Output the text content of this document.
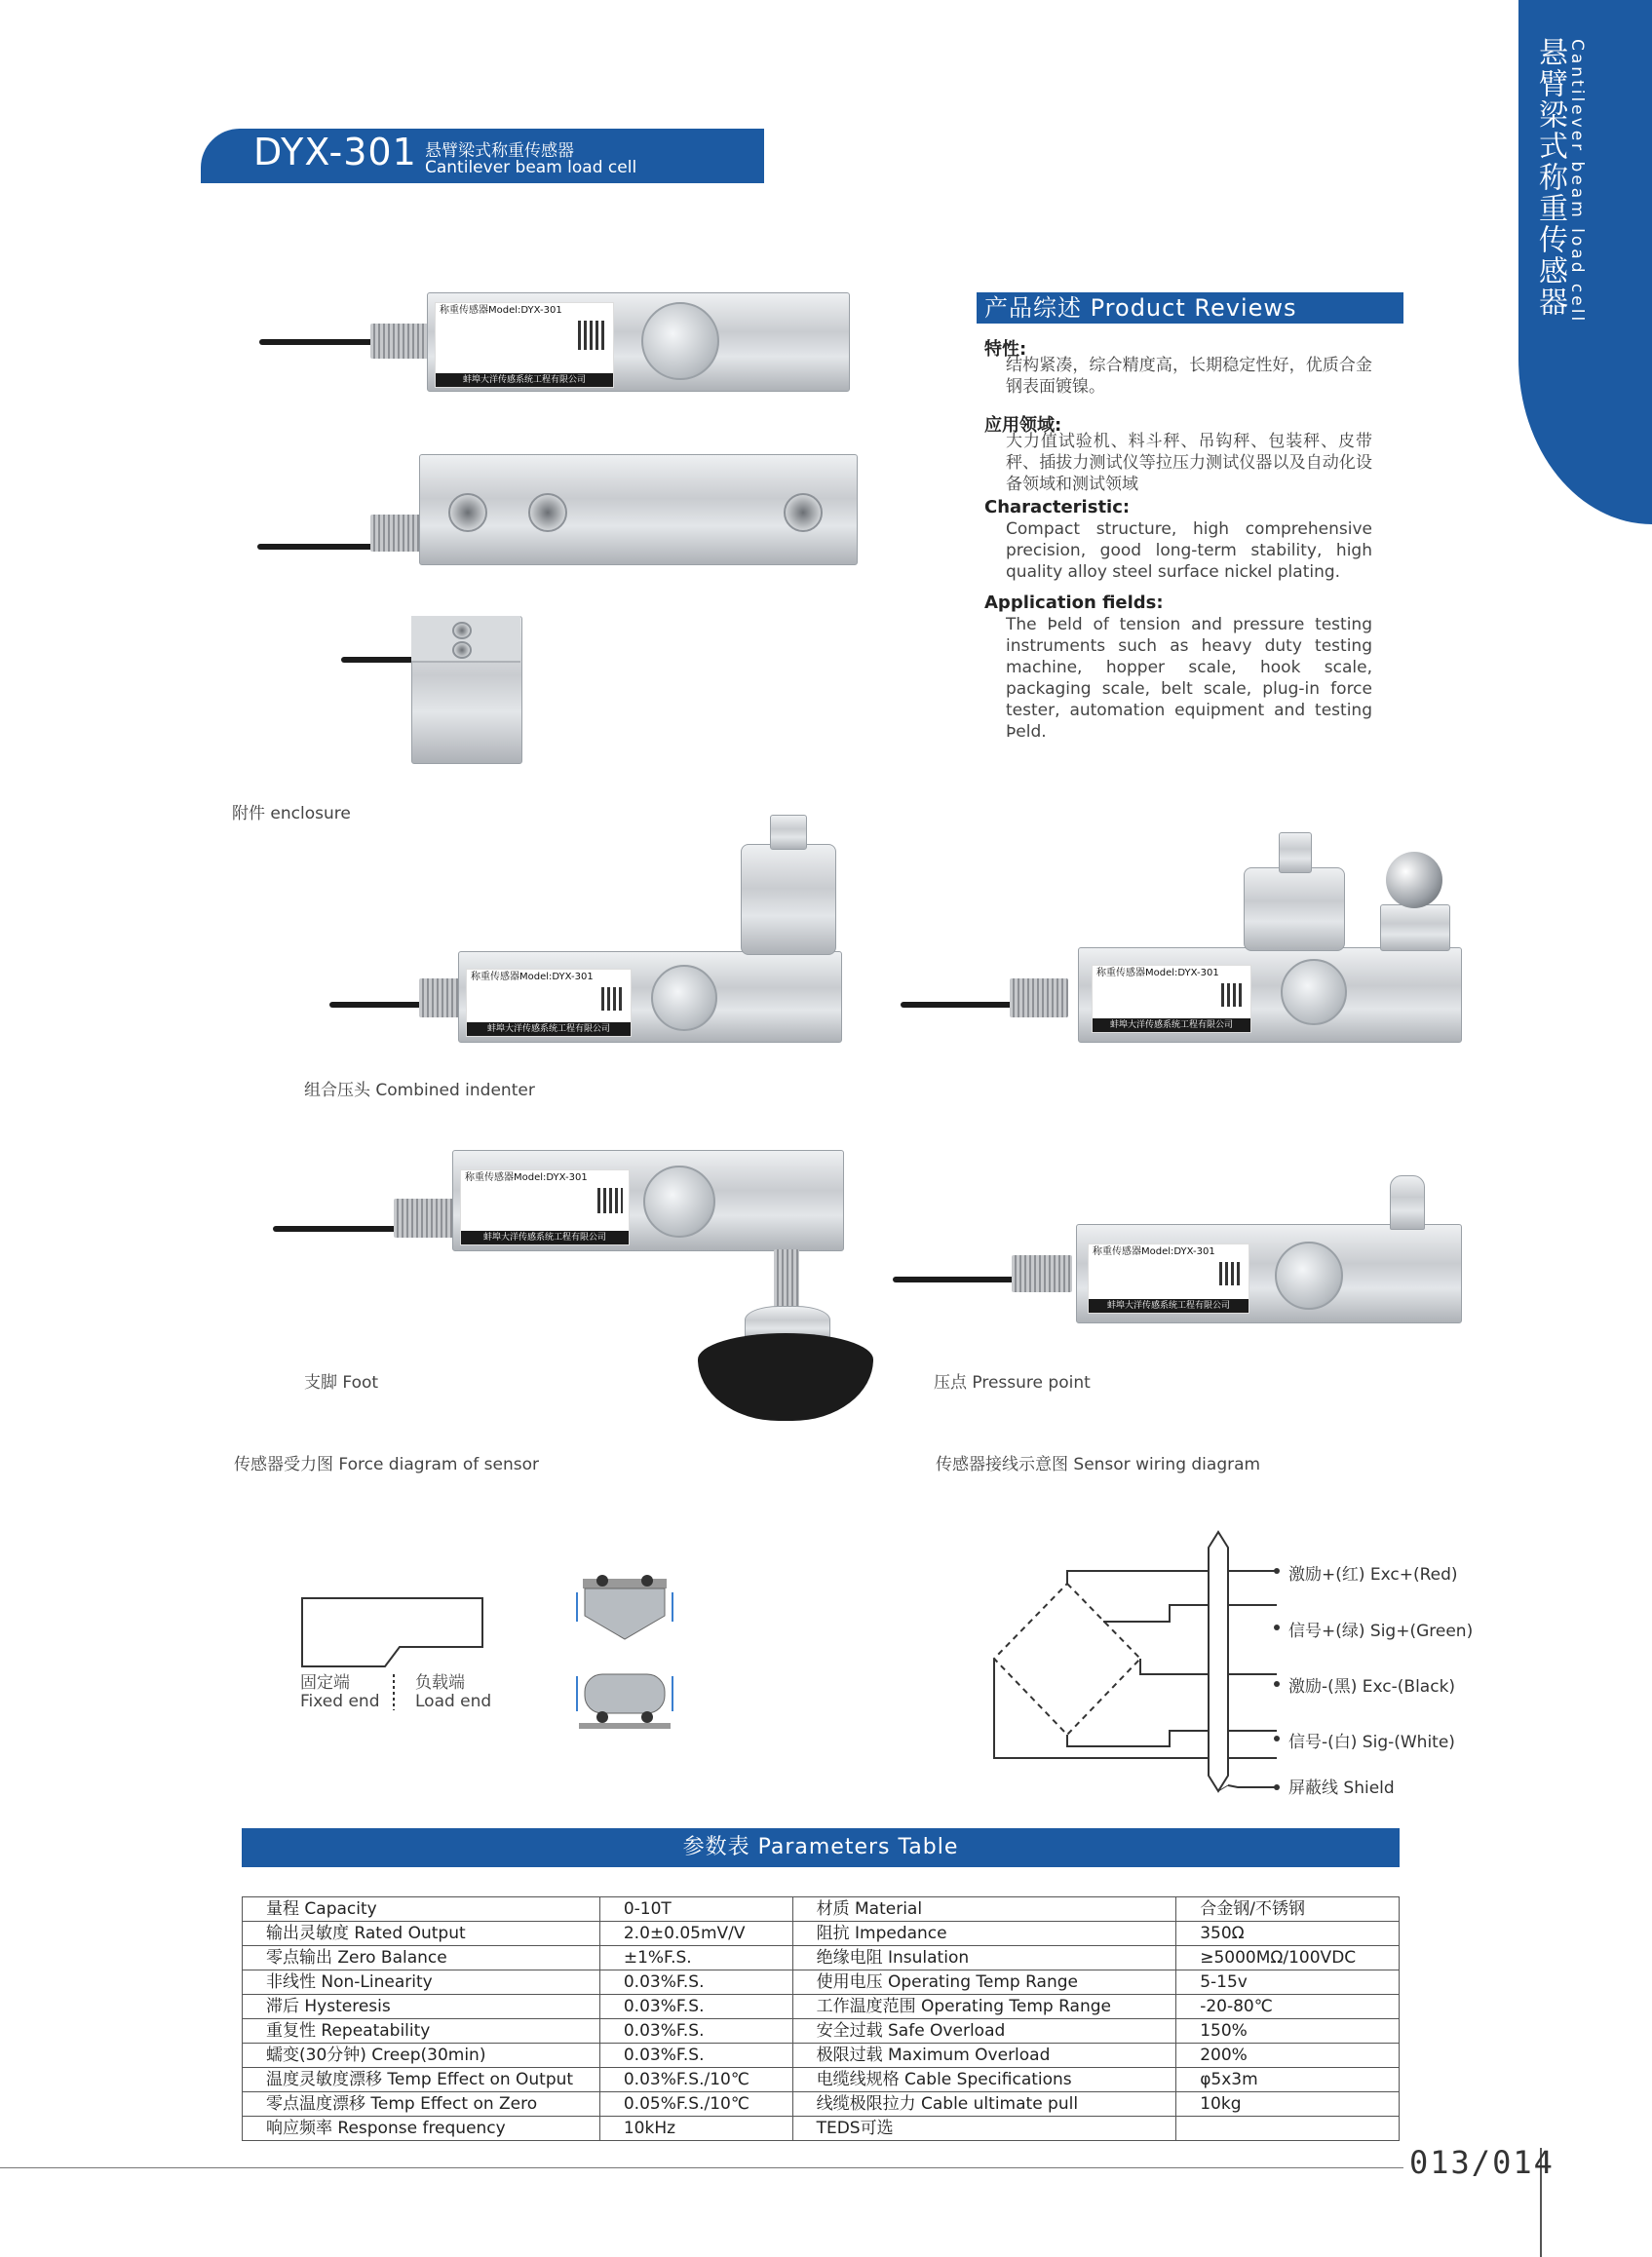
悬臂梁式称重传感器 Cantilever beam load cell
DYX-301 悬臂梁式称重传感器
Cantilever beam load cell
称重传感器Model:DYX-301
蚌埠大洋传感系统工程有限公司
产品综述 Product Reviews
特性:
结构紧凑，综合精度高，长期稳定性好，优质合金钢表面镀镍。
应用领域:
大力值试验机、料斗秤、吊钩秤、包装秤、皮带秤、插拔力测试仪等拉压力测试仪器以及自动化设备领域和测试领域
Characteristic:
Compact structure, high comprehensive precision, good long-term stability, high quality alloy steel surface nickel plating.
Application fields:
The Þeld of tension and pressure testing instruments such as heavy duty testing machine, hopper scale, hook scale, packaging scale, belt scale, plug-in force tester, automation equipment and testing Þeld.
附件 enclosure
称重传感器Model:DYX-301
蚌埠大洋传感系统工程有限公司
称重传感器Model:DYX-301
蚌埠大洋传感系统工程有限公司
组合压头 Combined indenter
称重传感器Model:DYX-301
蚌埠大洋传感系统工程有限公司
支脚 Foot
称重传感器Model:DYX-301
蚌埠大洋传感系统工程有限公司
压点 Pressure point
传感器受力图 Force diagram of sensor	传感器接线示意图 Sensor wiring diagram
固定端
Fixed end
负载端
Load end
激励+(红) Exc+(Red)
信号+(绿) Sig+(Green)
激励-(黑) Exc-(Black)
信号-(白) Sig-(White)
屏蔽线 Shield
参数表 Parameters Table
量程 Capacity	0-10T	材质 Material	合金钢/不锈钢
输出灵敏度 Rated Output	2.0±0.05mV/V	阻抗 Impedance	350Ω
零点输出 Zero Balance	±1%F.S.	绝缘电阻 Insulation	≥5000MΩ/100VDC
非线性 Non-Linearity	0.03%F.S.	使用电压 Operating Temp Range	5-15v
滞后 Hysteresis	0.03%F.S.	工作温度范围 Operating Temp Range	-20-80℃
重复性 Repeatability	0.03%F.S.	安全过载 Safe Overload	150%
蠕变(30分钟) Creep(30min)	0.03%F.S.	极限过载 Maximum Overload	200%
温度灵敏度漂移 Temp Effect on Output	0.03%F.S./10℃	电缆线规格 Cable Specifications	φ5x3m
零点温度漂移 Temp Effect on Zero	0.05%F.S./10℃	线缆极限拉力 Cable ultimate pull	10kg
响应频率 Response frequency	10kHz	TEDS可选	
013/014
